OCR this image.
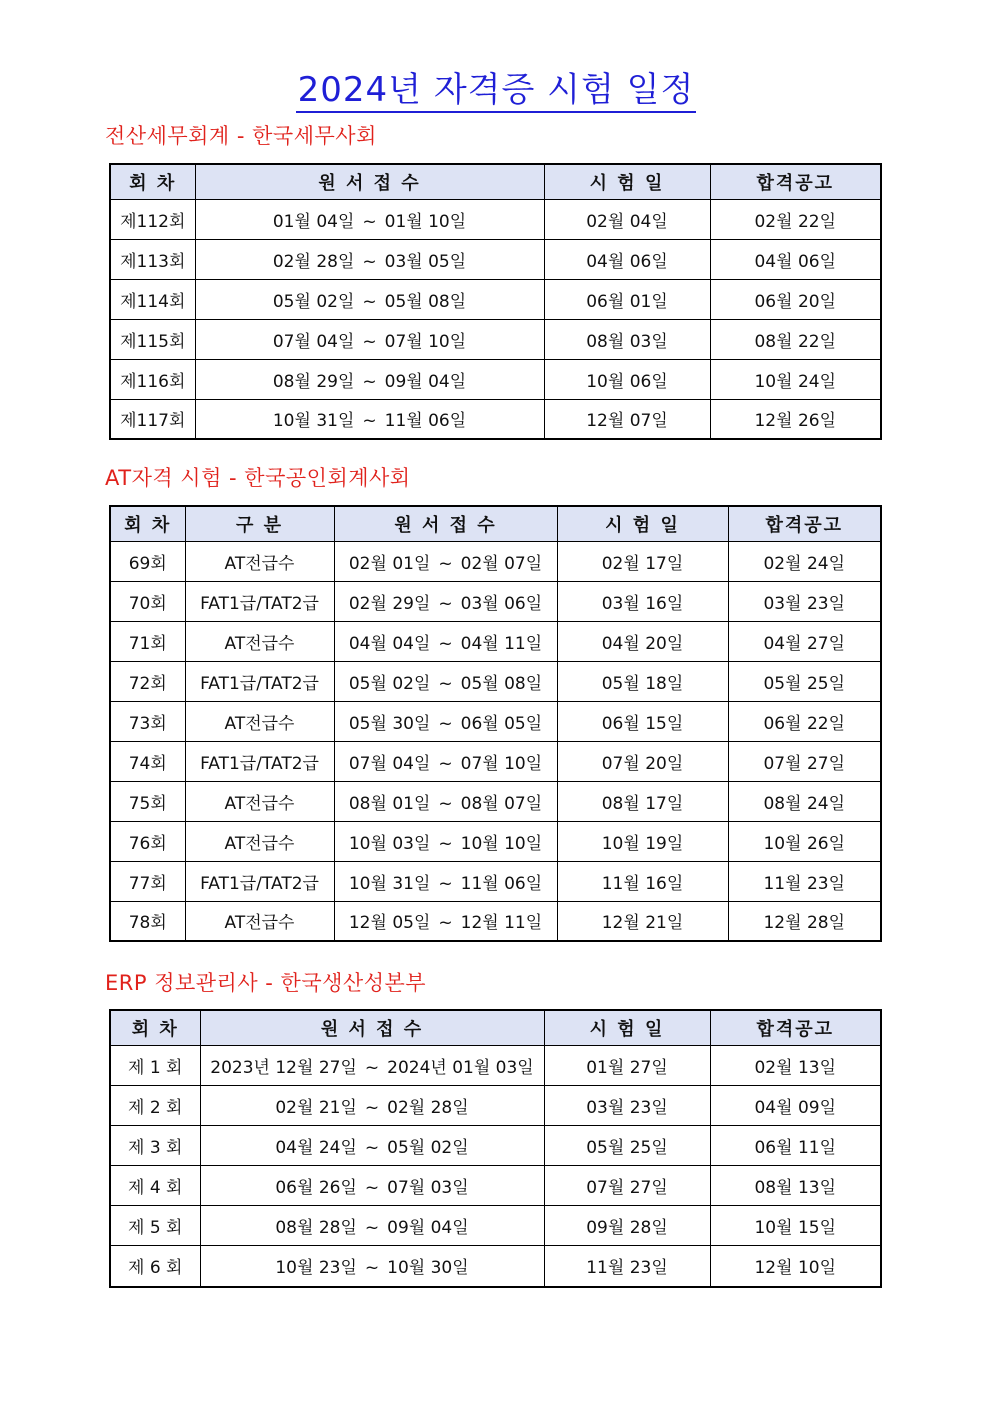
2024년 자격증 시험 일정
전산세무회계 - 한국세무사회
회 차	원 서 접 수	시 험 일	합격공고
제112회	01월 04일 ~ 01월 10일	02월 04일	02월 22일
제113회	02월 28일 ~ 03월 05일	04월 06일	04월 06일
제114회	05월 02일 ~ 05월 08일	06월 01일	06월 20일
제115회	07월 04일 ~ 07월 10일	08월 03일	08월 22일
제116회	08월 29일 ~ 09월 04일	10월 06일	10월 24일
제117회	10월 31일 ~ 11월 06일	12월 07일	12월 26일
AT자격 시험 - 한국공인회계사회
회 차	구 분	원 서 접 수	시 험 일	합격공고
69회	AT전급수	02월 01일 ~ 02월 07일	02월 17일	02월 24일
70회	FAT1급/TAT2급	02월 29일 ~ 03월 06일	03월 16일	03월 23일
71회	AT전급수	04월 04일 ~ 04월 11일	04월 20일	04월 27일
72회	FAT1급/TAT2급	05월 02일 ~ 05월 08일	05월 18일	05월 25일
73회	AT전급수	05월 30일 ~ 06월 05일	06월 15일	06월 22일
74회	FAT1급/TAT2급	07월 04일 ~ 07월 10일	07월 20일	07월 27일
75회	AT전급수	08월 01일 ~ 08월 07일	08월 17일	08월 24일
76회	AT전급수	10월 03일 ~ 10월 10일	10월 19일	10월 26일
77회	FAT1급/TAT2급	10월 31일 ~ 11월 06일	11월 16일	11월 23일
78회	AT전급수	12월 05일 ~ 12월 11일	12월 21일	12월 28일
ERP 정보관리사 - 한국생산성본부
회 차	원 서 접 수	시 험 일	합격공고
제 1 회	2023년 12월 27일 ~ 2024년 01월 03일	01월 27일	02월 13일
제 2 회	02월 21일 ~ 02월 28일	03월 23일	04월 09일
제 3 회	04월 24일 ~ 05월 02일	05월 25일	06월 11일
제 4 회	06월 26일 ~ 07월 03일	07월 27일	08월 13일
제 5 회	08월 28일 ~ 09월 04일	09월 28일	10월 15일
제 6 회	10월 23일 ~ 10월 30일	11월 23일	12월 10일
